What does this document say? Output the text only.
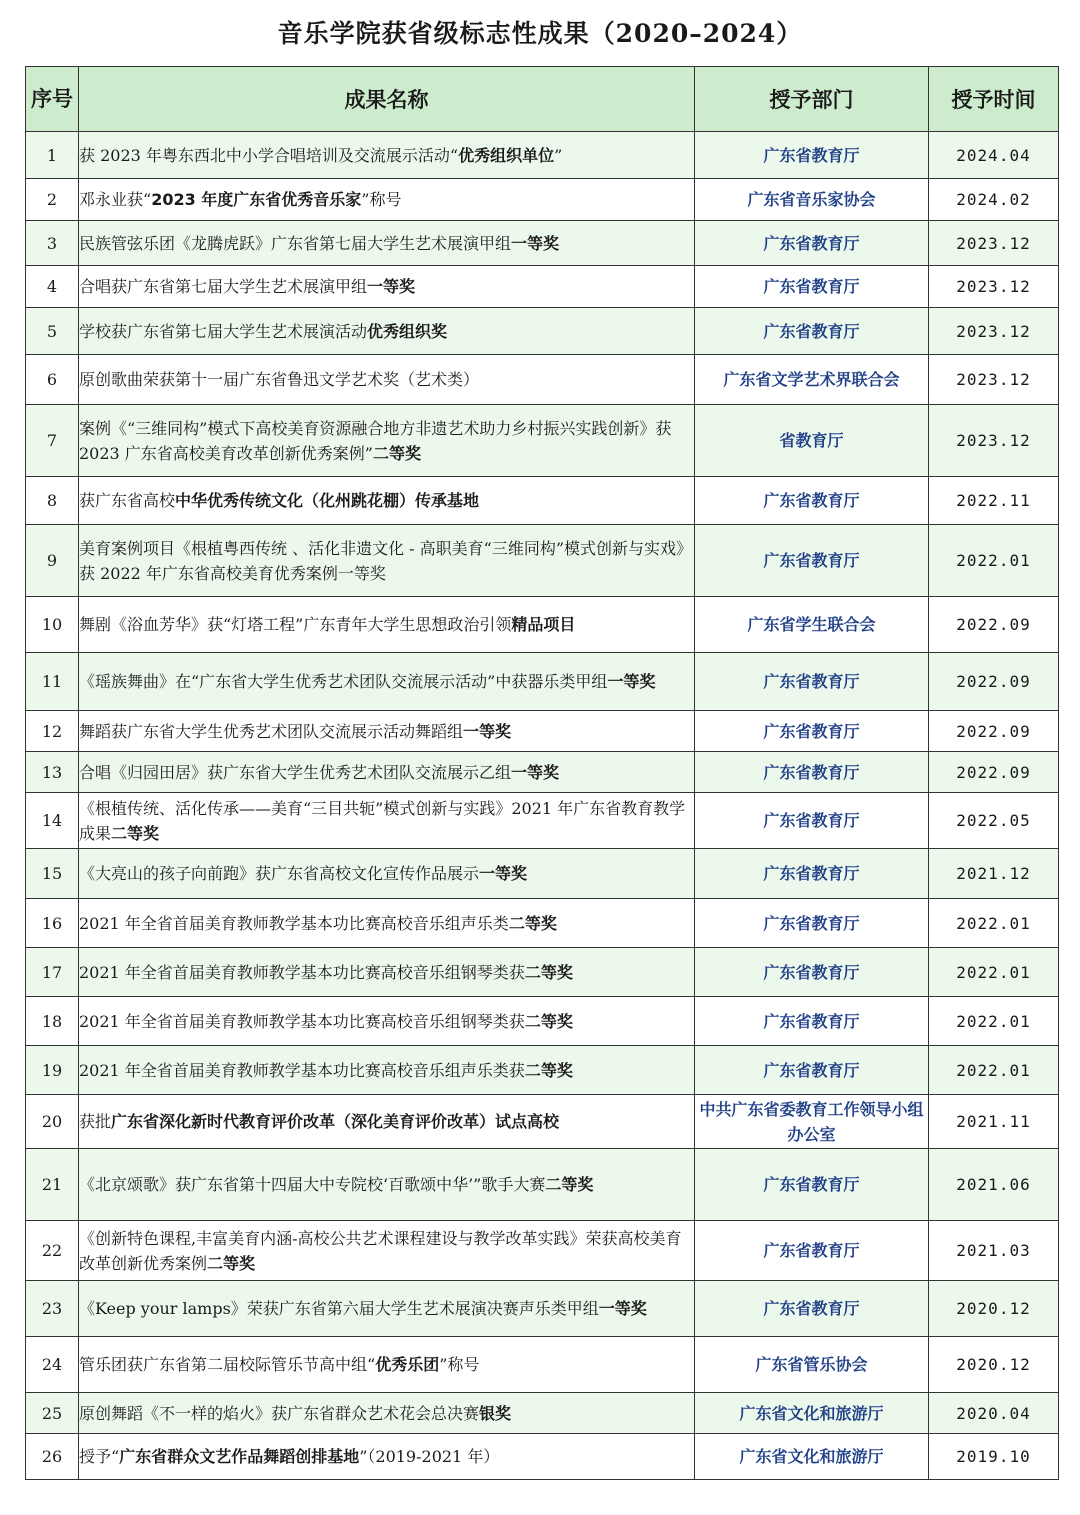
音乐学院获省级标志性成果（2020–2024）
序号	成果名称	授予部门	授予时间
1	获 2023 年粤东西北中小学合唱培训及交流展示活动“优秀组织单位”	广东省教育厅	2024.04
2	邓永业获“2023 年度广东省优秀音乐家”称号	广东省音乐家协会	2024.02
3	民族管弦乐团《龙腾虎跃》广东省第七届大学生艺术展演甲组一等奖	广东省教育厅	2023.12
4	合唱获广东省第七届大学生艺术展演甲组一等奖	广东省教育厅	2023.12
5	学校获广东省第七届大学生艺术展演活动优秀组织奖	广东省教育厅	2023.12
6	原创歌曲荣获第十一届广东省鲁迅文学艺术奖（艺术类）	广东省文学艺术界联合会	2023.12
7	案例《“三维同构”模式下高校美育资源融合地方非遗艺术助力乡村振兴实践创新》获 2023 广东省高校美育改革创新优秀案例”二等奖	省教育厅	2023.12
8	获广东省高校中华优秀传统文化（化州跳花棚）传承基地	广东省教育厅	2022.11
9	美育案例项目《根植粤西传统 、活化非遗文化 - 高职美育“三维同构”模式创新与实戏》获 2022 年广东省高校美育优秀案例一等奖	广东省教育厅	2022.01
10	舞剧《浴血芳华》获“灯塔工程”广东青年大学生思想政治引领精品项目	广东省学生联合会	2022.09
11	《瑶族舞曲》在“广东省大学生优秀艺术团队交流展示活动”中获器乐类甲组一等奖	广东省教育厅	2022.09
12	舞蹈获广东省大学生优秀艺术团队交流展示活动舞蹈组一等奖	广东省教育厅	2022.09
13	合唱《归园田居》获广东省大学生优秀艺术团队交流展示乙组一等奖	广东省教育厅	2022.09
14	《根植传统、活化传承——美育“三目共轭”模式创新与实践》2021 年广东省教育教学成果二等奖	广东省教育厅	2022.05
15	《大亮山的孩子向前跑》获广东省高校文化宣传作品展示一等奖	广东省教育厅	2021.12
16	2021 年全省首届美育教师教学基本功比赛高校音乐组声乐类二等奖	广东省教育厅	2022.01
17	2021 年全省首届美育教师教学基本功比赛高校音乐组钢琴类获二等奖	广东省教育厅	2022.01
18	2021 年全省首届美育教师教学基本功比赛高校音乐组钢琴类获二等奖	广东省教育厅	2022.01
19	2021 年全省首届美育教师教学基本功比赛高校音乐组声乐类获二等奖	广东省教育厅	2022.01
20	获批广东省深化新时代教育评价改革（深化美育评价改革）试点高校	中共广东省委教育工作领导小组办公室	2021.11
21	《北京颂歌》获广东省第十四届大中专院校‘百歌颂中华’”歌手大赛二等奖	广东省教育厅	2021.06
22	《创新特色课程,丰富美育内涵-高校公共艺术课程建设与教学改革实践》荣获高校美育改革创新优秀案例二等奖	广东省教育厅	2021.03
23	《Keep your lamps》荣获广东省第六届大学生艺术展演决赛声乐类甲组一等奖	广东省教育厅	2020.12
24	管乐团获广东省第二届校际管乐节高中组“优秀乐团”称号	广东省管乐协会	2020.12
25	原创舞蹈《不一样的焰火》获广东省群众艺术花会总决赛银奖	广东省文化和旅游厅	2020.04
26	授予“广东省群众文艺作品舞蹈创排基地”（2019-2021 年）	广东省文化和旅游厅	2019.10
